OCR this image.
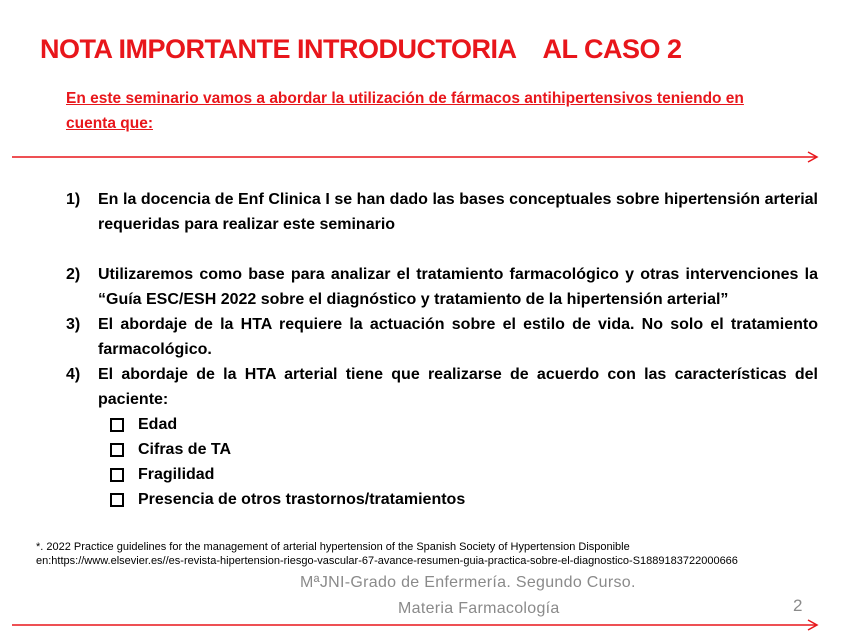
NOTA IMPORTANTE INTRODUCTORIA    AL CASO 2
En este seminario vamos a abordar la utilización de fármacos antihipertensivos teniendo en cuenta que:
1)	En la docencia de Enf Clinica I se han dado las bases conceptuales sobre hipertensión arterial requeridas para realizar este seminario
2)	Utilizaremos como base para analizar el tratamiento farmacológico y otras intervenciones la “Guía ESC/ESH 2022 sobre el diagnóstico y tratamiento de la hipertensión arterial”
3)	El abordaje de la HTA requiere la actuación sobre el estilo de vida. No solo el tratamiento farmacológico.
4)	El abordaje de la HTA arterial tiene que realizarse de acuerdo con las características del paciente:
Edad
Cifras de TA
Fragilidad
Presencia de otros trastornos/tratamientos
*. 2022 Practice guidelines for the management of arterial hypertension of the Spanish Society of Hypertension Disponible en:https://www.elsevier.es//es-revista-hipertension-riesgo-vascular-67-avance-resumen-guia-practica-sobre-el-diagnostico-S1889183722000666
MªJNI-Grado de Enfermería. Segundo Curso.
Materia Farmacología	2
